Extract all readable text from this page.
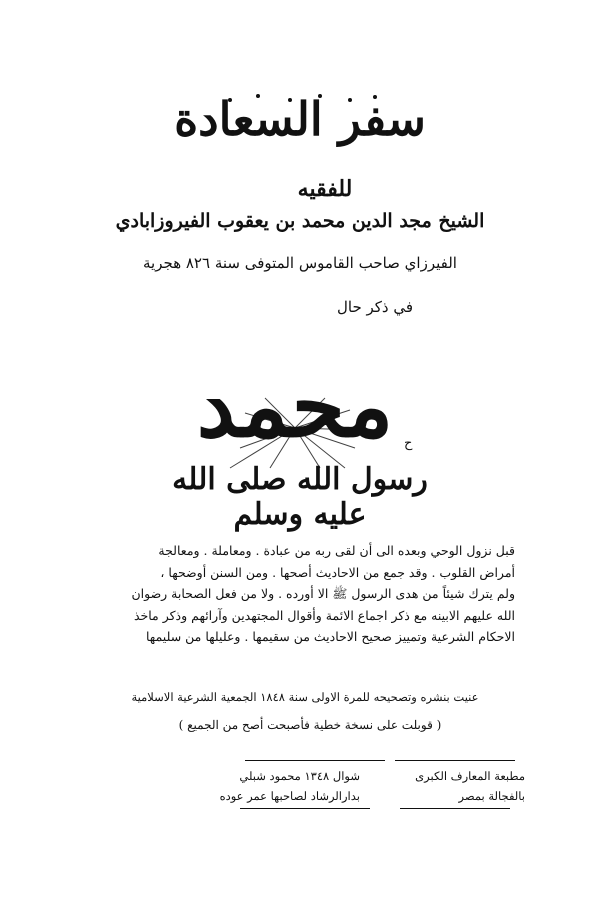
سفر السعادة
للفقيه
الشيخ مجد الدين محمد بن يعقوب الفيروزابادي
الفيرزاي صاحب القاموس المتوفى سنة ٨٢٦ هجرية
في ذكر حال
محمد ح
رسول الله صلى الله عليه وسلم

قبل نزول الوحي وبعده الى أن لقى ربه من عبادة . ومعاملة . ومعالجة

أمراض القلوب . وقد جمع من الاحاديث أصحها . ومن السنن أوضحها ،

ولم يترك شيئاً من هدى الرسول ﷺ الا أورده . ولا من فعل الصحابة رضوان

الله عليهم الابينه مع ذكر اجماع الائمة وأقوال المجتهدين وآرائهم وذكر ماخذ

الاحكام الشرعية وتمييز صحيح الاحاديث من سقيمها . وعليلها من سليمها

عنيت بنشره وتصحيحه للمرة الاولى سنة ١٨٤٨ الجمعية الشرعية الاسلامية
( قوبلت على نسخة خطية فأصبحت أصح من الجميع )
مطبعة المعارف الكبرى
بالفجالة بمصر
شوال ١٣٤٨ محمود شبلي
بدارالرشاد لصاحبها عمر عوده
